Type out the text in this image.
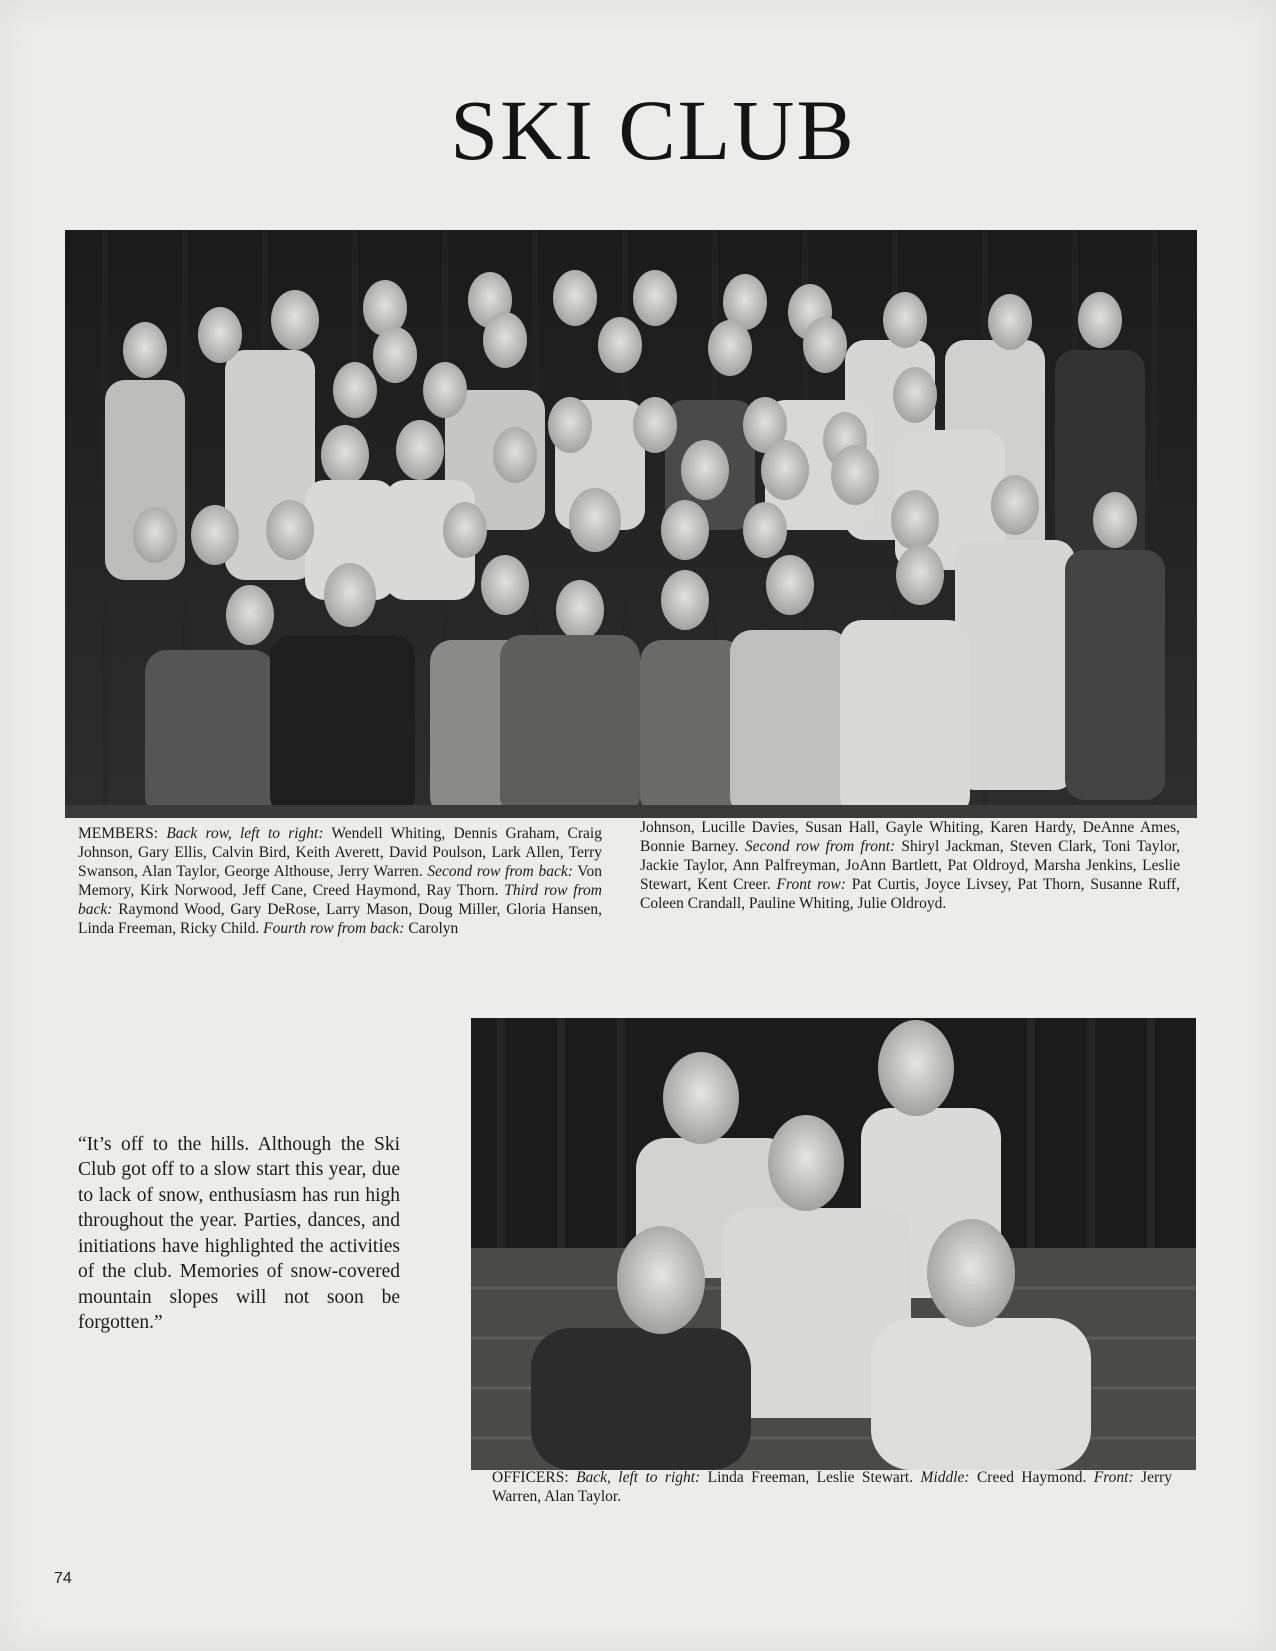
SKI CLUB
MEMBERS: Back row, left to right: Wendell Whiting, Dennis Graham, Craig Johnson, Gary Ellis, Calvin Bird, Keith Averett, David Poulson, Lark Allen, Terry Swanson, Alan Taylor, George Althouse, Jerry Warren. Second row from back: Von Memory, Kirk Norwood, Jeff Cane, Creed Haymond, Ray Thorn. Third row from back: Raymond Wood, Gary DeRose, Larry Mason, Doug Miller, Gloria Hansen, Linda Freeman, Ricky Child. Fourth row from back: Carolyn
Johnson, Lucille Davies, Susan Hall, Gayle Whiting, Karen Hardy, DeAnne Ames, Bonnie Barney. Second row from front: Shiryl Jackman, Steven Clark, Toni Taylor, Jackie Taylor, Ann Palfreyman, JoAnn Bartlett, Pat Oldroyd, Marsha Jenkins, Leslie Stewart, Kent Creer. Front row: Pat Curtis, Joyce Livsey, Pat Thorn, Susanne Ruff, Coleen Crandall, Pauline Whiting, Julie Oldroyd.

“It’s off to the hills. Although the Ski Club got off to a slow start this year, due to lack of snow, enthusiasm has run high throughout the year. Parties, dances, and initiations have highlighted the activities of the club. Memories of snow-covered mountain slopes will not soon be forgotten.”

OFFICERS: Back, left to right: Linda Freeman, Leslie Stewart. Middle: Creed Haymond. Front: Jerry Warren, Alan Taylor.
74
